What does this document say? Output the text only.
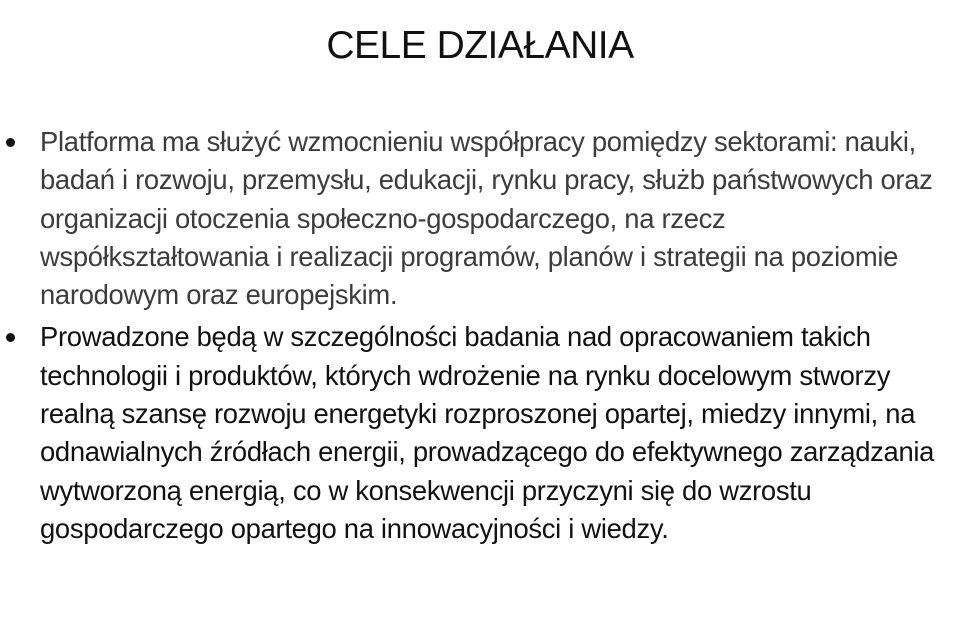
CELE DZIAŁANIA
Platforma ma służyć wzmocnieniu współpracy pomiędzy sektorami: nauki, badań i rozwoju, przemysłu, edukacji, rynku pracy, służb państwowych oraz organizacji otoczenia społeczno-gospodarczego, na rzecz współkształtowania i realizacji programów, planów i strategii na poziomie narodowym oraz europejskim.
Prowadzone będą w szczególności badania nad opracowaniem takich technologii i produktów, których wdrożenie na rynku docelowym stworzy realną szansę rozwoju energetyki rozproszonej opartej, miedzy innymi, na odnawialnych źródłach energii, prowadzącego do efektywnego zarządzania wytworzoną energią, co w konsekwencji przyczyni się do wzrostu gospodarczego opartego na innowacyjności i wiedzy.
